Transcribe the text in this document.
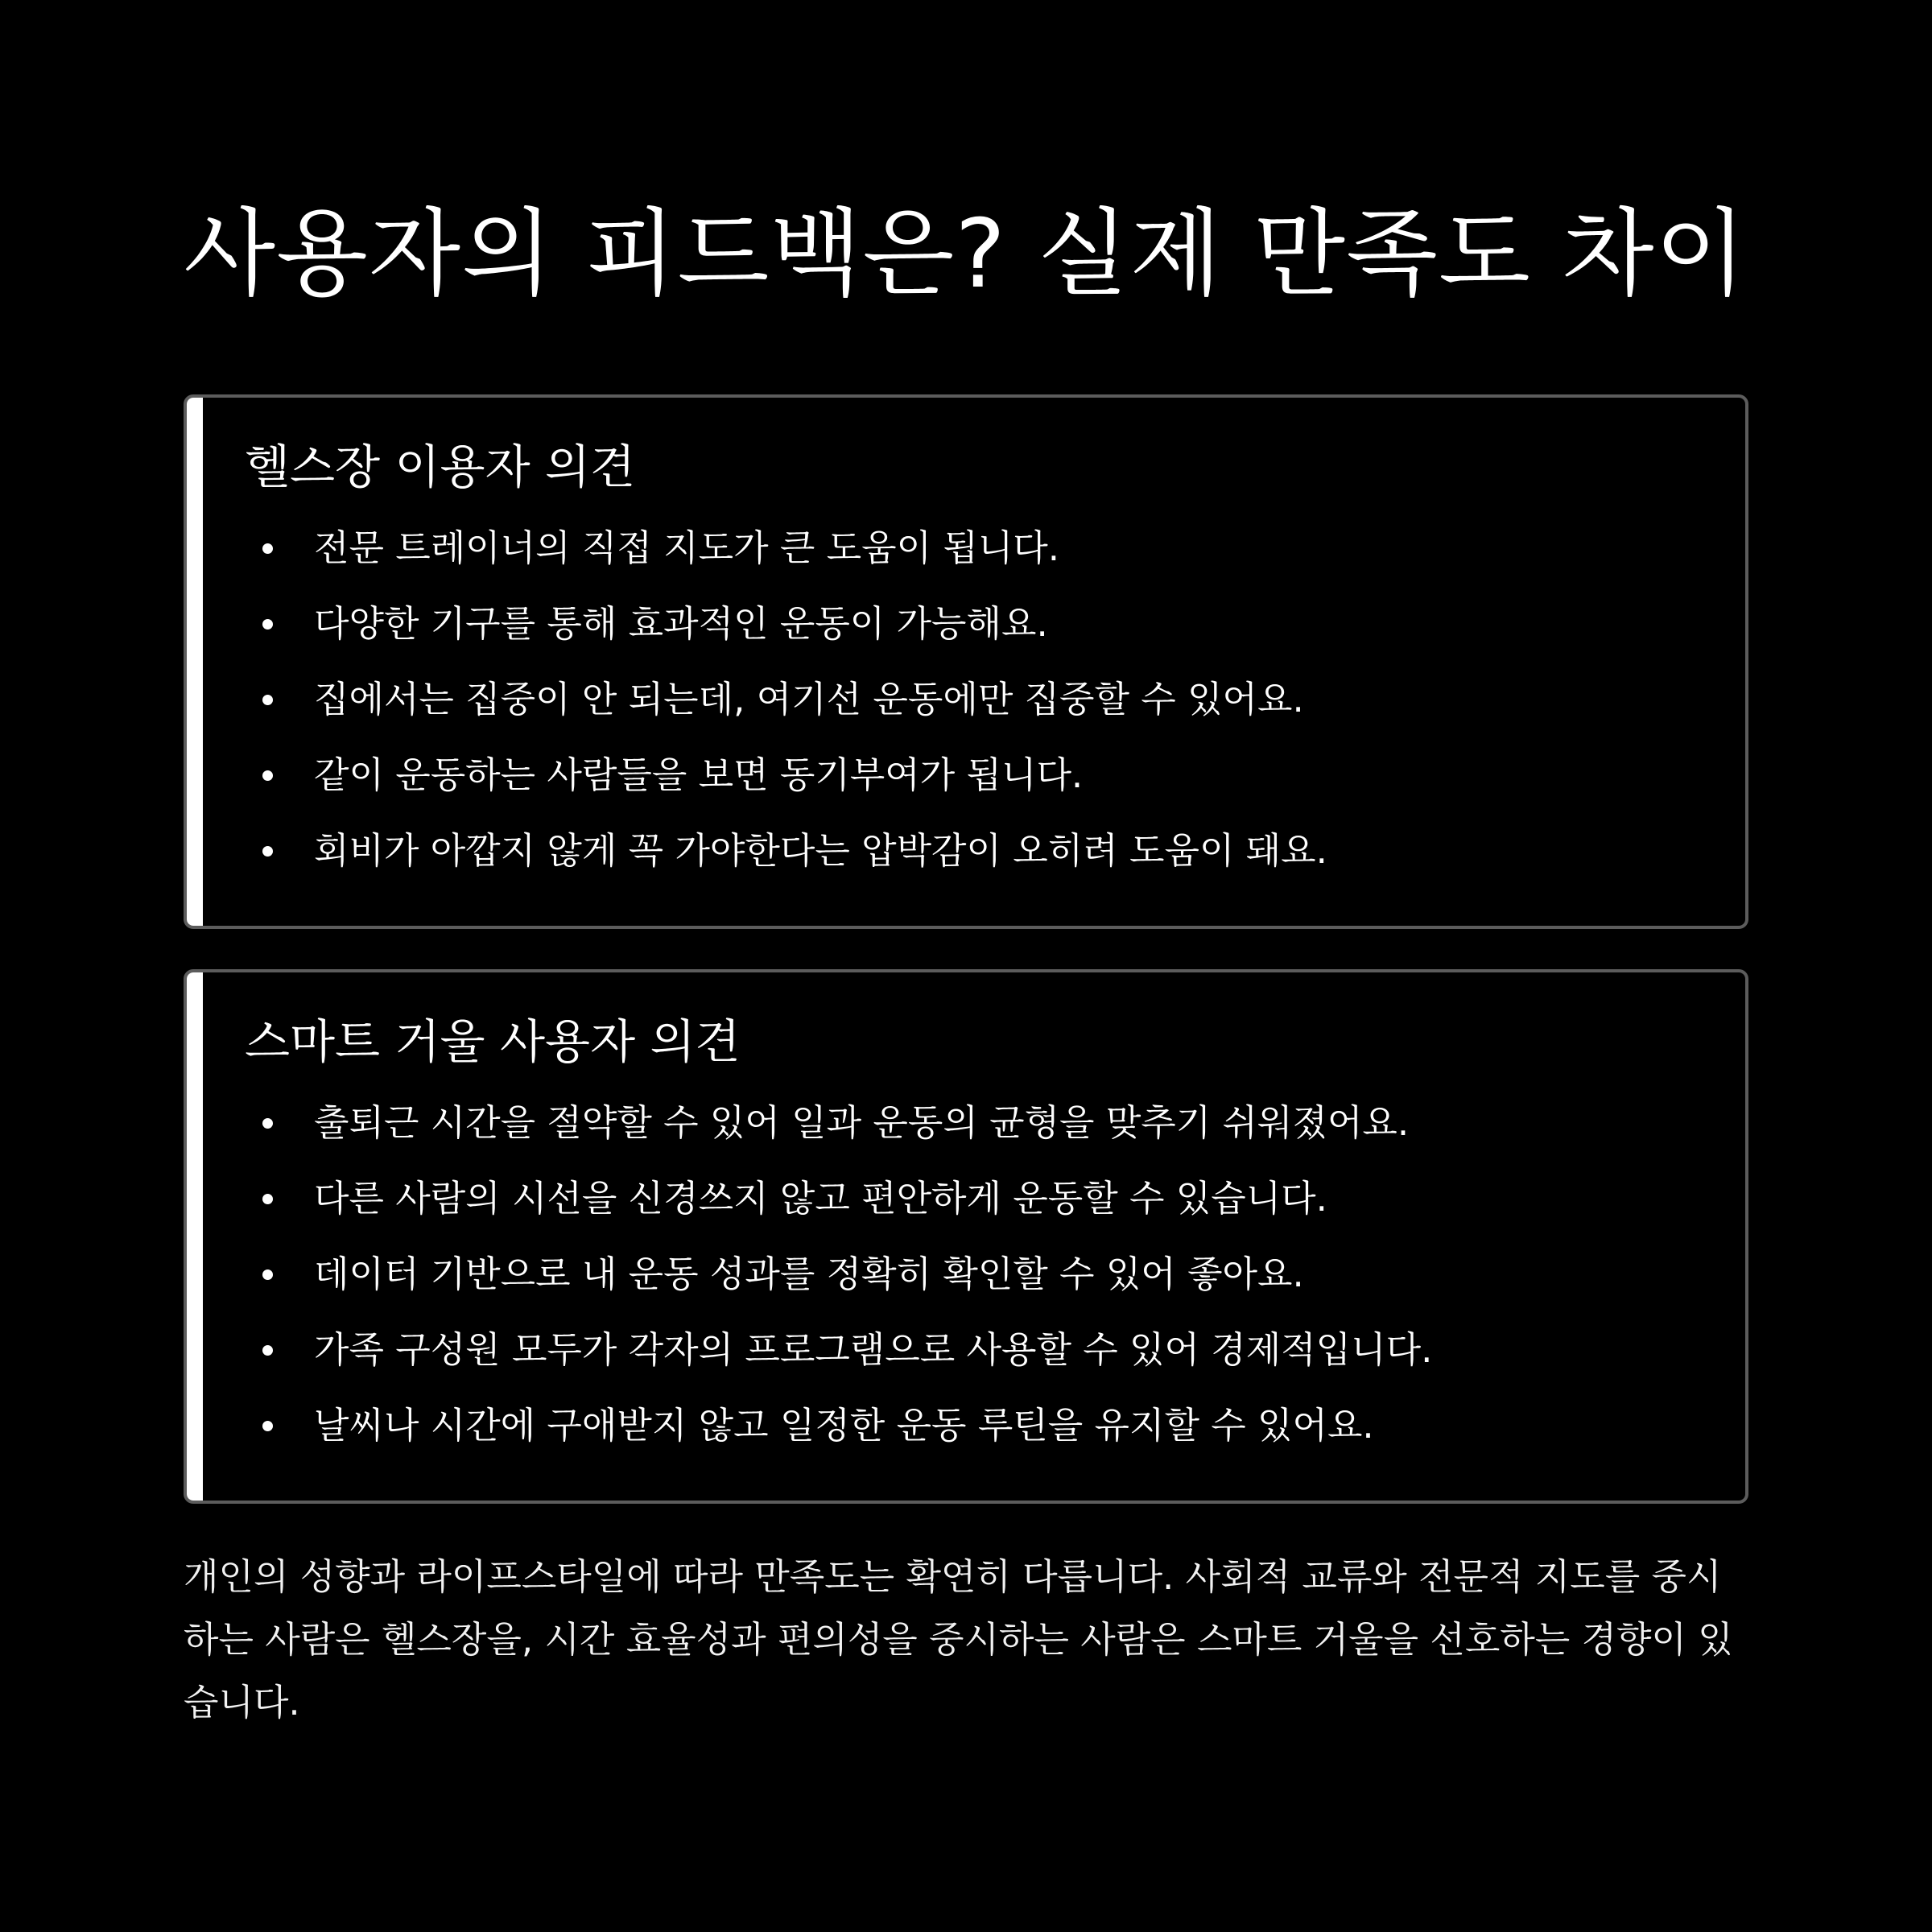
사용자의 피드백은? 실제 만족도 차이
헬스장 이용자 의견
전문 트레이너의 직접 지도가 큰 도움이 됩니다.
다양한 기구를 통해 효과적인 운동이 가능해요.
집에서는 집중이 안 되는데, 여기선 운동에만 집중할 수 있어요.
같이 운동하는 사람들을 보면 동기부여가 됩니다.
회비가 아깝지 않게 꼭 가야한다는 압박감이 오히려 도움이 돼요.
스마트 거울 사용자 의견
출퇴근 시간을 절약할 수 있어 일과 운동의 균형을 맞추기 쉬워졌어요.
다른 사람의 시선을 신경쓰지 않고 편안하게 운동할 수 있습니다.
데이터 기반으로 내 운동 성과를 정확히 확인할 수 있어 좋아요.
가족 구성원 모두가 각자의 프로그램으로 사용할 수 있어 경제적입니다.
날씨나 시간에 구애받지 않고 일정한 운동 루틴을 유지할 수 있어요.

개인의 성향과 라이프스타일에 따라 만족도는 확연히 다릅니다. 사회적 교류와 전문적 지도를 중시하는 사람은 헬스장을, 시간 효율성과 편의성을 중시하는 사람은 스마트 거울을 선호하는 경향이 있습니다.
